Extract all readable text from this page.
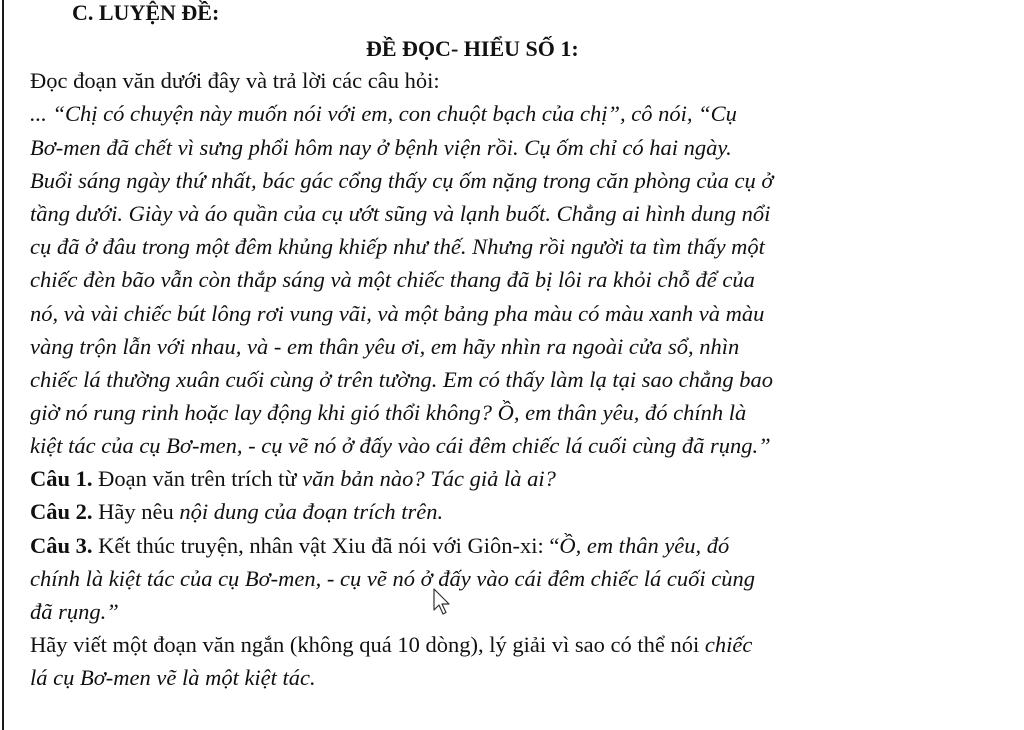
C. LUYỆN ĐỀ:
ĐỀ ĐỌC- HIỂU SỐ 1:
Đọc đoạn văn dưới đây và trả lời các câu hỏi:
... “Chị có chuyện này muốn nói với em, con chuột bạch của chị”, cô nói, “Cụ
Bơ-men đã chết vì sưng phổi hôm nay ở bệnh viện rồi. Cụ ốm chỉ có hai ngày.
Buổi sáng ngày thứ nhất, bác gác cổng thấy cụ ốm nặng trong căn phòng của cụ ở
tầng dưới. Giày và áo quần của cụ ướt sũng và lạnh buốt. Chẳng ai hình dung nổi
cụ đã ở đâu trong một đêm khủng khiếp như thế. Nhưng rồi người ta tìm thấy một
chiếc đèn bão vẫn còn thắp sáng và một chiếc thang đã bị lôi ra khỏi chỗ để của
nó, và vài chiếc bút lông rơi vung vãi, và một bảng pha màu có màu xanh và màu
vàng trộn lẫn với nhau, và - em thân yêu ơi, em hãy nhìn ra ngoài cửa sổ, nhìn
chiếc lá thường xuân cuối cùng ở trên tường. Em có thấy làm lạ tại sao chẳng bao
giờ nó rung rinh hoặc lay động khi gió thổi không? Ồ, em thân yêu, đó chính là
kiệt tác của cụ Bơ-men, - cụ vẽ nó ở đấy vào cái đêm chiếc lá cuối cùng đã rụng.”
Câu 1. Đoạn văn trên trích từ văn bản nào? Tác giả là ai?
Câu 2. Hãy nêu nội dung của đoạn trích trên.
Câu 3. Kết thúc truyện, nhân vật Xiu đã nói với Giôn-xi: “Ồ, em thân yêu, đó
chính là kiệt tác của cụ Bơ-men, - cụ vẽ nó ở đấy vào cái đêm chiếc lá cuối cùng
đã rụng.”
Hãy viết một đoạn văn ngắn (không quá 10 dòng), lý giải vì sao có thể nói chiếc
lá cụ Bơ-men vẽ là một kiệt tác.
